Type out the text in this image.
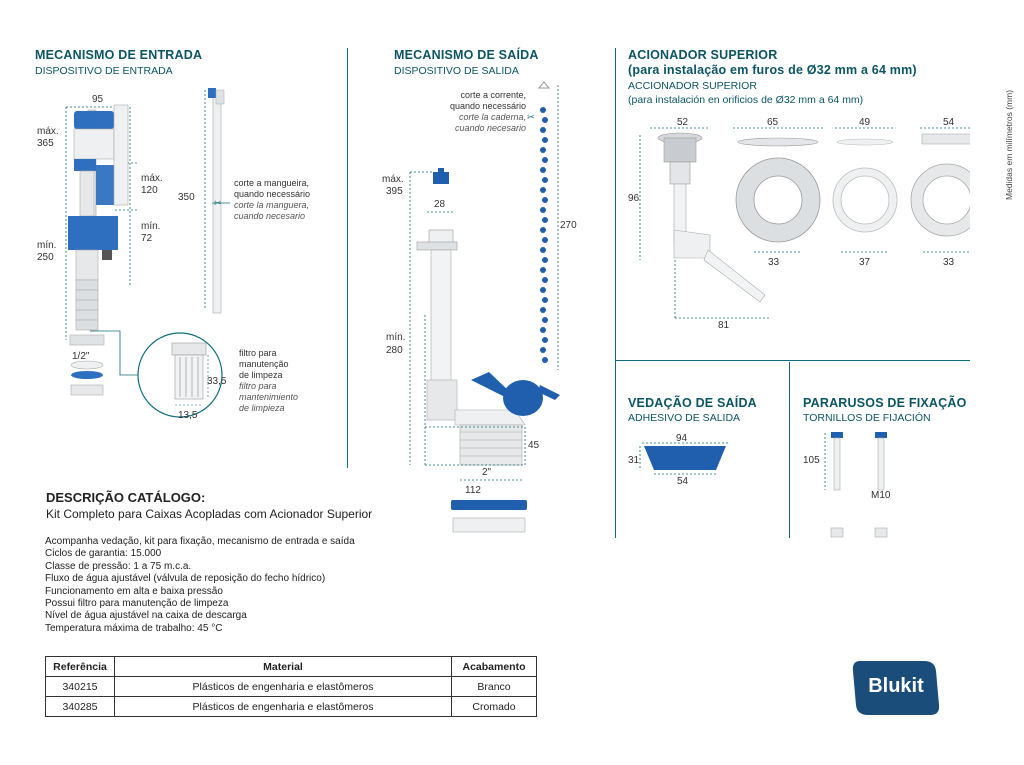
Medidas em milímetros (mm)
MECANISMO DE ENTRADA
DISPOSITIVO DE ENTRADA
✂
95
máx.
365
máx.
120
mín.
72
mín.
250
1/2"
350
33,5
13,5
corte a mangueira,
quando necessário
corte la manguera,
cuando necesario
filtro para
manutenção
de limpeza
filtro para
mantenimiento
de limpieza
MECANISMO DE SAÍDA
DISPOSITIVO DE SALIDA
✂
corte a corrente,
quando necessário
corte la caderna,
cuando necesario
máx.
395
28
270
mín.
280
45
2"
112
ACIONADOR SUPERIOR
(para instalação em furos de Ø32 mm a 64 mm)
ACCIONADOR SUPERIOR
(para instalación en orificios de Ø32 mm a 64 mm)
52
96
81
65
33
49
37
54
33
VEDAÇÃO DE SAÍDA
ADHESIVO DE SALIDA
94
31
54
PARARUSOS DE FIXAÇÃO
TORNILLOS DE FIJACIÓN
105
M10
DESCRIÇÃO CATÁLOGO:
Kit Completo para Caixas Acopladas com Acionador Superior
Acompanha vedação, kit para fixação, mecanismo de entrada e saída
Ciclos de garantia: 15.000
Classe de pressão: 1 a 75 m.c.a.
Fluxo de água ajustável (válvula de reposição do fecho hídrico)
Funcionamento em alta e baixa pressão
Possui filtro para manutenção de limpeza
Nível de água ajustável na caixa de descarga
Temperatura máxima de trabalho: 45 °C
Referência	Material	Acabamento
340215	Plásticos de engenharia e elastômeros	Branco
340285	Plásticos de engenharia e elastômeros	Cromado
Blukit
